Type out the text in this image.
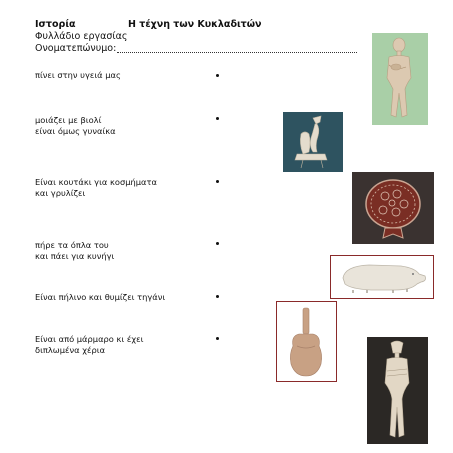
Ιστορία	Η τέχνη των Κυκλαδιτών
Φυλλάδιο εργασίας
Ονοματεπώνυμο:
πίνει στην υγειά μας
μοιάζει με βιολί
είναι όμως γυναίκα
Είναι κουτάκι για κοσμήματα
και γρυλίζει
πήρε τα όπλα του
και πάει για κυνήγι
Είναι πήλινο και θυμίζει τηγάνι
Είναι από μάρμαρο κι έχει
διπλωμένα χέρια
